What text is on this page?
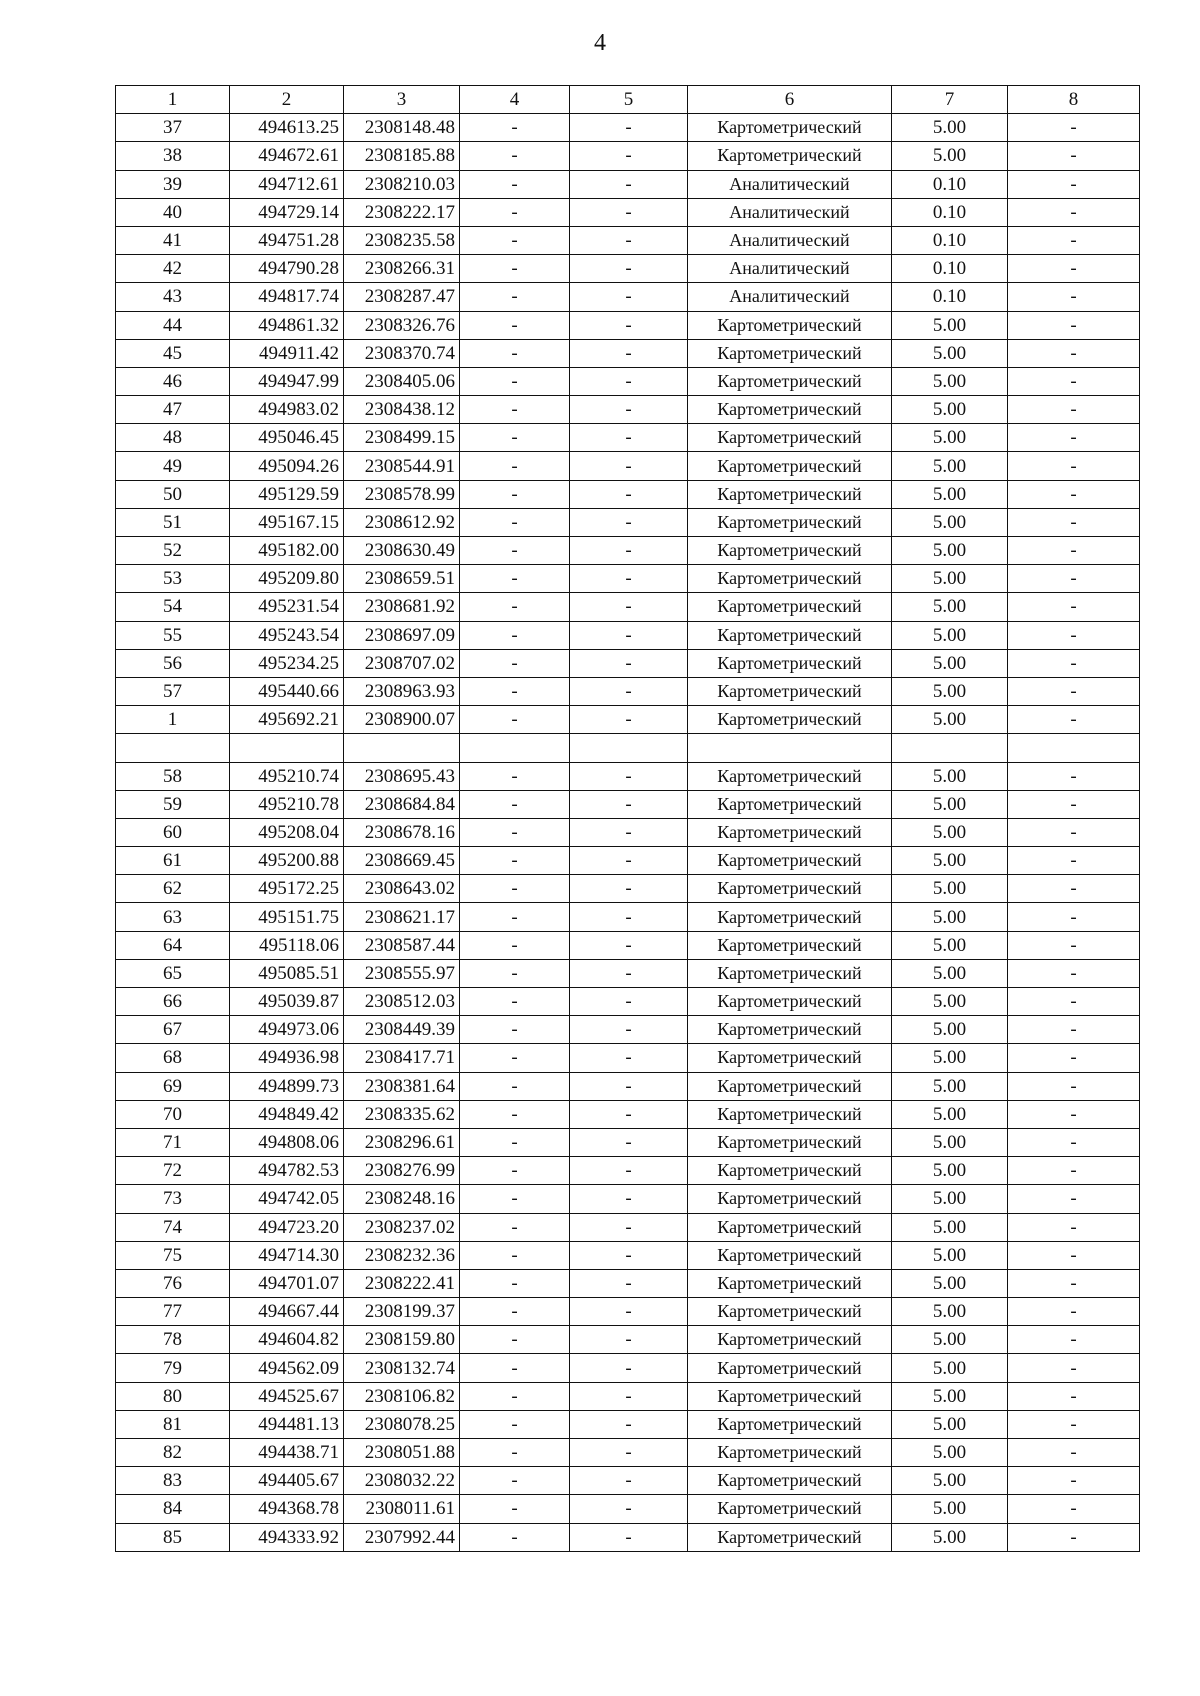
4
1	2	3	4	5	6	7	8
37	494613.25	2308148.48	-	-	Картометрический	5.00	-
38	494672.61	2308185.88	-	-	Картометрический	5.00	-
39	494712.61	2308210.03	-	-	Аналитический	0.10	-
40	494729.14	2308222.17	-	-	Аналитический	0.10	-
41	494751.28	2308235.58	-	-	Аналитический	0.10	-
42	494790.28	2308266.31	-	-	Аналитический	0.10	-
43	494817.74	2308287.47	-	-	Аналитический	0.10	-
44	494861.32	2308326.76	-	-	Картометрический	5.00	-
45	494911.42	2308370.74	-	-	Картометрический	5.00	-
46	494947.99	2308405.06	-	-	Картометрический	5.00	-
47	494983.02	2308438.12	-	-	Картометрический	5.00	-
48	495046.45	2308499.15	-	-	Картометрический	5.00	-
49	495094.26	2308544.91	-	-	Картометрический	5.00	-
50	495129.59	2308578.99	-	-	Картометрический	5.00	-
51	495167.15	2308612.92	-	-	Картометрический	5.00	-
52	495182.00	2308630.49	-	-	Картометрический	5.00	-
53	495209.80	2308659.51	-	-	Картометрический	5.00	-
54	495231.54	2308681.92	-	-	Картометрический	5.00	-
55	495243.54	2308697.09	-	-	Картометрический	5.00	-
56	495234.25	2308707.02	-	-	Картометрический	5.00	-
57	495440.66	2308963.93	-	-	Картометрический	5.00	-
1	495692.21	2308900.07	-	-	Картометрический	5.00	-

58	495210.74	2308695.43	-	-	Картометрический	5.00	-
59	495210.78	2308684.84	-	-	Картометрический	5.00	-
60	495208.04	2308678.16	-	-	Картометрический	5.00	-
61	495200.88	2308669.45	-	-	Картометрический	5.00	-
62	495172.25	2308643.02	-	-	Картометрический	5.00	-
63	495151.75	2308621.17	-	-	Картометрический	5.00	-
64	495118.06	2308587.44	-	-	Картометрический	5.00	-
65	495085.51	2308555.97	-	-	Картометрический	5.00	-
66	495039.87	2308512.03	-	-	Картометрический	5.00	-
67	494973.06	2308449.39	-	-	Картометрический	5.00	-
68	494936.98	2308417.71	-	-	Картометрический	5.00	-
69	494899.73	2308381.64	-	-	Картометрический	5.00	-
70	494849.42	2308335.62	-	-	Картометрический	5.00	-
71	494808.06	2308296.61	-	-	Картометрический	5.00	-
72	494782.53	2308276.99	-	-	Картометрический	5.00	-
73	494742.05	2308248.16	-	-	Картометрический	5.00	-
74	494723.20	2308237.02	-	-	Картометрический	5.00	-
75	494714.30	2308232.36	-	-	Картометрический	5.00	-
76	494701.07	2308222.41	-	-	Картометрический	5.00	-
77	494667.44	2308199.37	-	-	Картометрический	5.00	-
78	494604.82	2308159.80	-	-	Картометрический	5.00	-
79	494562.09	2308132.74	-	-	Картометрический	5.00	-
80	494525.67	2308106.82	-	-	Картометрический	5.00	-
81	494481.13	2308078.25	-	-	Картометрический	5.00	-
82	494438.71	2308051.88	-	-	Картометрический	5.00	-
83	494405.67	2308032.22	-	-	Картометрический	5.00	-
84	494368.78	2308011.61	-	-	Картометрический	5.00	-
85	494333.92	2307992.44	-	-	Картометрический	5.00	-
